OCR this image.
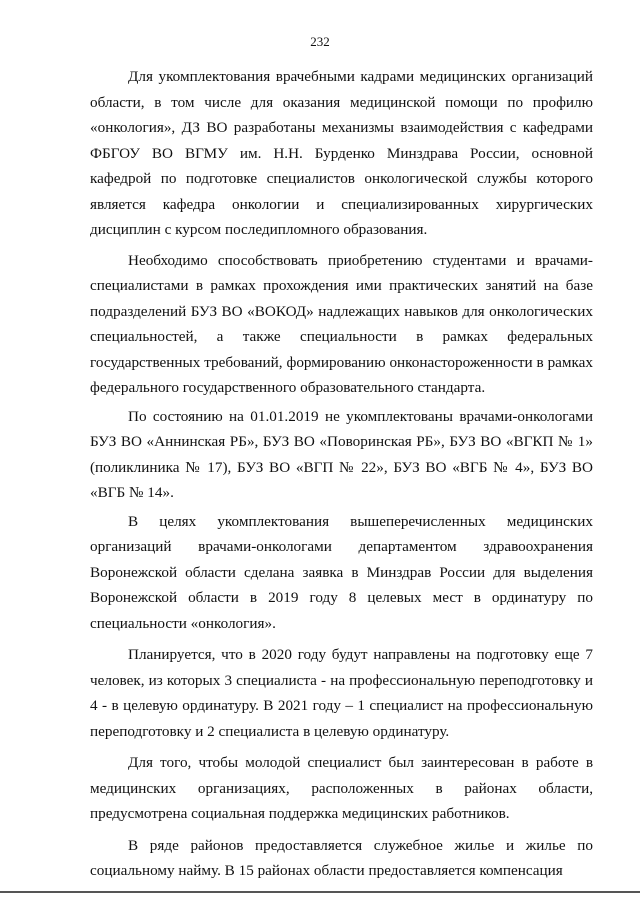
232

Для укомплектования врачебными кадрами медицинских организаций области, в том числе для оказания медицинской помощи по профилю «онкология», ДЗ ВО разработаны механизмы взаимодействия с кафедрами ФБГОУ ВО ВГМУ им. Н.Н. Бурденко Минздрава России, основной кафедрой по подготовке специалистов онкологической службы которого является кафедра онкологии и специализированных хирургических дисциплин с курсом последипломного образования.

Необходимо способствовать приобретению студентами и врачами-специалистами в рамках прохождения ими практических занятий на базе подразделений БУЗ ВО «ВОКОД» надлежащих навыков для онкологических специальностей, а также специальности в рамках федеральных государственных требований, формированию онконастороженности в рамках федерального государственного образовательного стандарта.

По состоянию на 01.01.2019 не укомплектованы врачами-онкологами БУЗ ВО «Аннинская РБ», БУЗ ВО «Поворинская РБ», БУЗ ВО «ВГКП № 1» (поликлиника № 17), БУЗ ВО «ВГП № 22», БУЗ ВО «ВГБ № 4», БУЗ ВО «ВГБ № 14».

В целях укомплектования вышеперечисленных медицинских организаций врачами-онкологами департаментом здравоохранения Воронежской области сделана заявка в Минздрав России для выделения Воронежской области в 2019 году 8 целевых мест в ординатуру по специальности «онкология».

Планируется, что в 2020 году будут направлены на подготовку еще 7 человек, из которых 3 специалиста - на профессиональную переподготовку и 4 - в целевую ординатуру. В 2021 году – 1 специалист на профессиональную переподготовку и 2 специалиста в целевую ординатуру.

Для того, чтобы молодой специалист был заинтересован в работе в медицинских организациях, расположенных в районах области, предусмотрена социальная поддержка медицинских работников.

В ряде районов предоставляется служебное жилье и жилье по социальному найму. В 15 районах области предоставляется компенсация
